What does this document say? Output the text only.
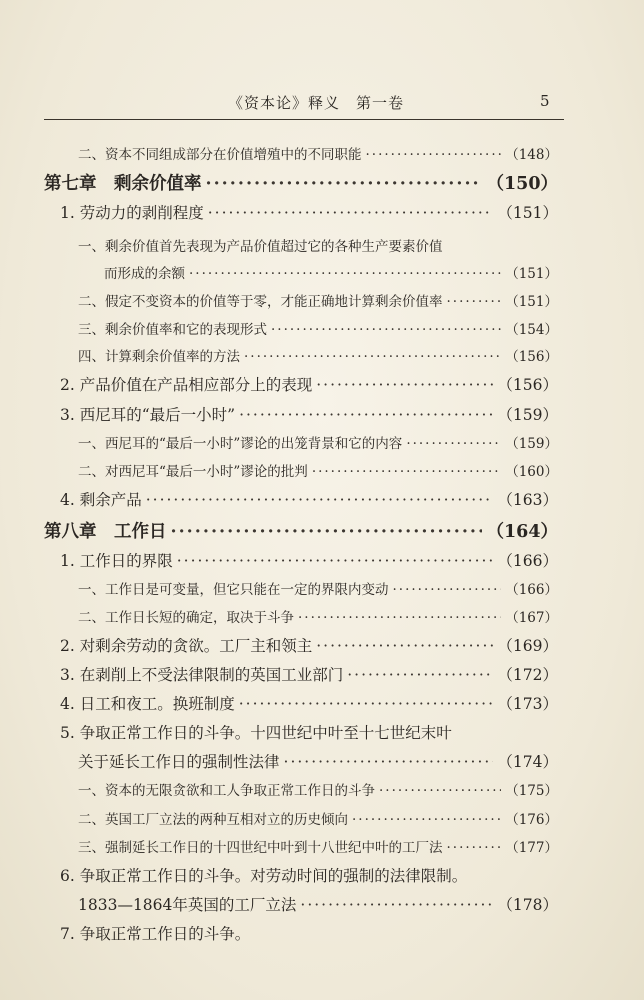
《资本论》释义　第一卷	5
二、资本不同组成部分在价值增殖中的不同职能 ·····	（148）
第七章　剩余价值率 ·····	（150）
1. 劳动力的剥削程度 ·····	（151）
一、剩余价值首先表现为产品价值超过它的各种生产要素价值
而形成的余额 ·····	（151）
二、假定不变资本的价值等于零，才能正确地计算剩余价值率 ·····	（151）
三、剩余价值率和它的表现形式 ·····	（154）
四、计算剩余价值率的方法 ·····	（156）
2. 产品价值在产品相应部分上的表现 ·····	（156）
3. 西尼耳的“最后一小时” ·····	（159）
一、西尼耳的“最后一小时”谬论的出笼背景和它的内容 ·····	（159）
二、对西尼耳“最后一小时”谬论的批判 ·····	（160）
4. 剩余产品 ·····	（163）
第八章　工作日 ·····	（164）
1. 工作日的界限 ·····	（166）
一、工作日是可变量，但它只能在一定的界限内变动 ·····	（166）
二、工作日长短的确定，取决于斗争 ·····	（167）
2. 对剩余劳动的贪欲。工厂主和领主 ·····	（169）
3. 在剥削上不受法律限制的英国工业部门 ·····	（172）
4. 日工和夜工。换班制度 ·····	（173）
5. 争取正常工作日的斗争。十四世纪中叶至十七世纪末叶
关于延长工作日的强制性法律 ·····	（174）
一、资本的无限贪欲和工人争取正常工作日的斗争 ·····	（175）
二、英国工厂立法的两种互相对立的历史倾向 ·····	（176）
三、强制延长工作日的十四世纪中叶到十八世纪中叶的工厂法 ·····	（177）
6. 争取正常工作日的斗争。对劳动时间的强制的法律限制。
1833—1864年英国的工厂立法 ·····	（178）
7. 争取正常工作日的斗争。
